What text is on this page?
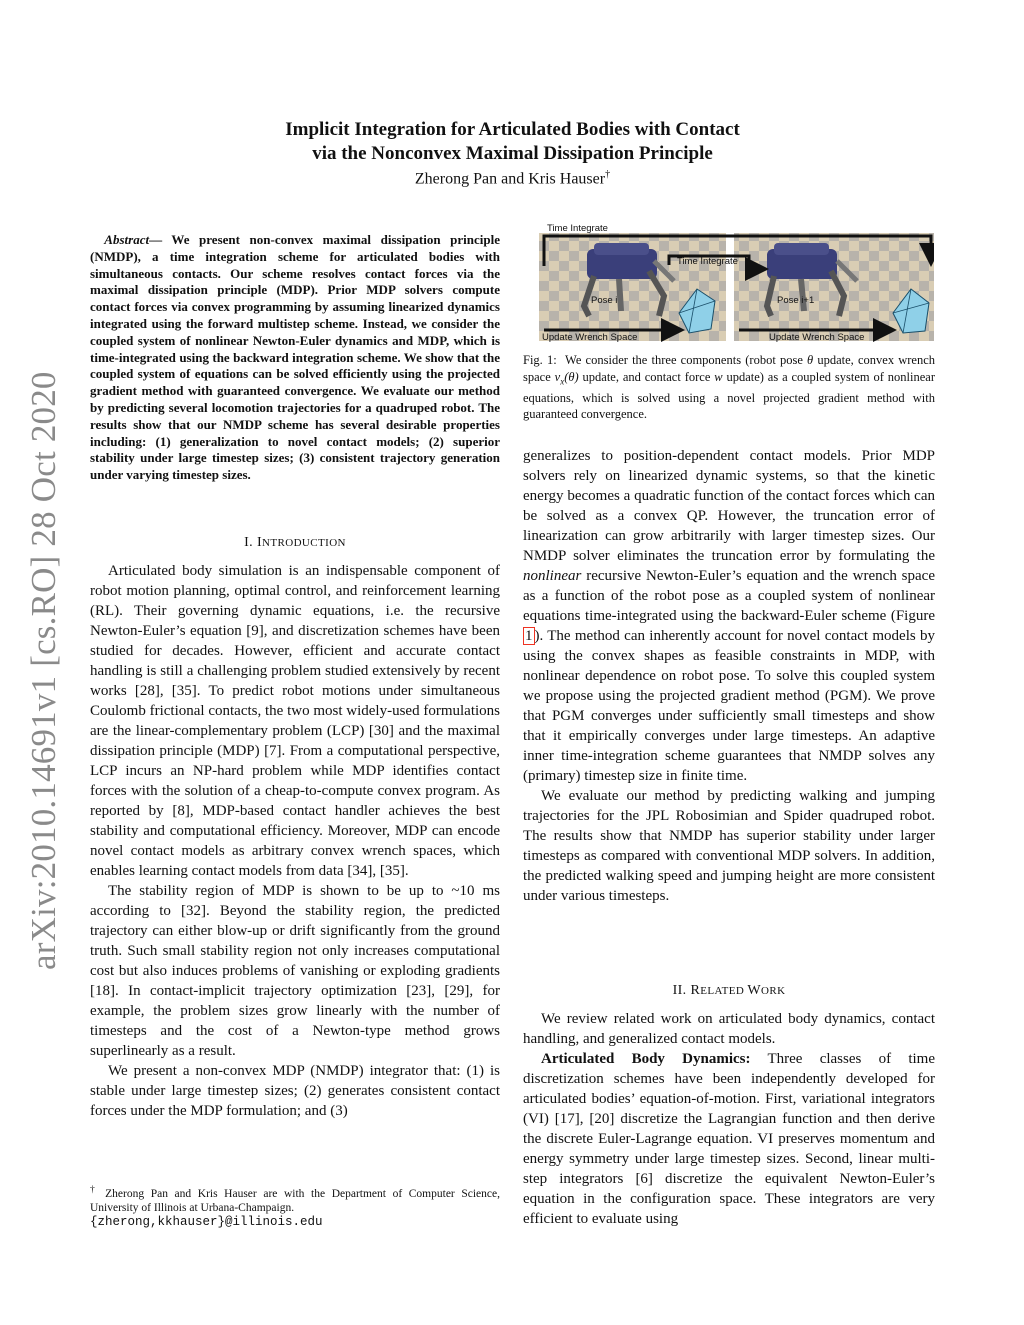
arXiv:2010.14691v1 [cs.RO] 28 Oct 2020
Implicit Integration for Articulated Bodies with Contact
via the Nonconvex Maximal Dissipation Principle
Zherong Pan and Kris Hauser†
Abstract— We present non-convex maximal dissipation principle (NMDP), a time integration scheme for articulated bodies with simultaneous contacts. Our scheme resolves contact forces via the maximal dissipation principle (MDP). Prior MDP solvers compute contact forces via convex programming by assuming linearized dynamics integrated using the forward multistep scheme. Instead, we consider the coupled system of nonlinear Newton-Euler dynamics and MDP, which is time-integrated using the backward integration scheme. We show that the coupled system of equations can be solved efficiently using the projected gradient method with guaranteed convergence. We evaluate our method by predicting several locomotion trajectories for a quadruped robot. The results show that our NMDP scheme has several desirable properties including: (1) generalization to novel contact models; (2) superior stability under large timestep sizes; (3) consistent trajectory generation under varying timestep sizes.
I. INTRODUCTION

Articulated body simulation is an indispensable component of robot motion planning, optimal control, and reinforcement learning (RL). Their governing dynamic equations, i.e. the recursive Newton-Euler’s equation [9], and discretization schemes have been studied for decades. However, efficient and accurate contact handling is still a challenging problem studied extensively by recent works [28], [35]. To predict robot motions under simultaneous Coulomb frictional contacts, the two most widely-used formulations are the linear-complementary problem (LCP) [30] and the maximal dissipation principle (MDP) [7]. From a computational perspective, LCP incurs an NP-hard problem while MDP identifies contact forces with the solution of a cheap-to-compute convex program. As reported by [8], MDP-based contact handler achieves the best stability and computational efficiency. Moreover, MDP can encode novel contact models as arbitrary convex wrench spaces, which enables learning contact models from data [34], [35].

The stability region of MDP is shown to be up to ~10 ms according to [32]. Beyond the stability region, the predicted trajectory can either blow-up or drift significantly from the ground truth. Such small stability region not only increases computational cost but also induces problems of vanishing or exploding gradients [18]. In contact-implicit trajectory optimization [23], [29], for example, the problem sizes grow linearly with the number of timesteps and the cost of a Newton-type method grows superlinearly as a result.

We present a non-convex MDP (NMDP) integrator that: (1) is stable under large timestep sizes; (2) generates consistent contact forces under the MDP formulation; and (3)

† Zherong Pan and Kris Hauser are with the Department of Computer Science, University of Illinois at Urbana-Champaign.
{zherong,kkhauser}@illinois.edu
Time Integrate
Time Integrate
Pose i	Pose i+1
Update Wrench Space	Update Wrench Space
Fig. 1: We consider the three components (robot pose θ update, convex wrench space $v_x(\theta)$ update, and contact force w update) as a coupled system of nonlinear equations, which is solved using a novel projected gradient method with guaranteed convergence.

generalizes to position-dependent contact models. Prior MDP solvers rely on linearized dynamic systems, so that the kinetic energy becomes a quadratic function of the contact forces which can be solved as a convex QP. However, the truncation error of linearization can grow arbitrarily with larger timestep sizes. Our NMDP solver eliminates the truncation error by formulating the nonlinear recursive Newton-Euler’s equation and the wrench space as a function of the robot pose as a coupled system of nonlinear equations time-integrated using the backward-Euler scheme (Figure 1 ). The method can inherently account for novel contact models by using the convex shapes as feasible constraints in MDP, with nonlinear dependence on robot pose. To solve this coupled system we propose using the projected gradient method (PGM). We prove that PGM converges under sufficiently small timesteps and show that it empirically converges under large timesteps. An adaptive inner time-integration scheme guarantees that NMDP solves any (primary) timestep size in finite time.

We evaluate our method by predicting walking and jumping trajectories for the JPL Robosimian and Spider quadruped robot. The results show that NMDP has superior stability under larger timesteps as compared with conventional MDP solvers. In addition, the predicted walking speed and jumping height are more consistent under various timesteps.

II. RELATED WORK

We review related work on articulated body dynamics, contact handling, and generalized contact models.

Articulated Body Dynamics: Three classes of time discretization schemes have been independently developed for articulated bodies’ equation-of-motion. First, variational integrators (VI) [17], [20] discretize the Lagrangian function and then derive the discrete Euler-Lagrange equation. VI preserves momentum and energy symmetry under large timestep sizes. Second, linear multi-step integrators [6] discretize the equivalent Newton-Euler’s equation in the configuration space. These integrators are very efficient to evaluate using
